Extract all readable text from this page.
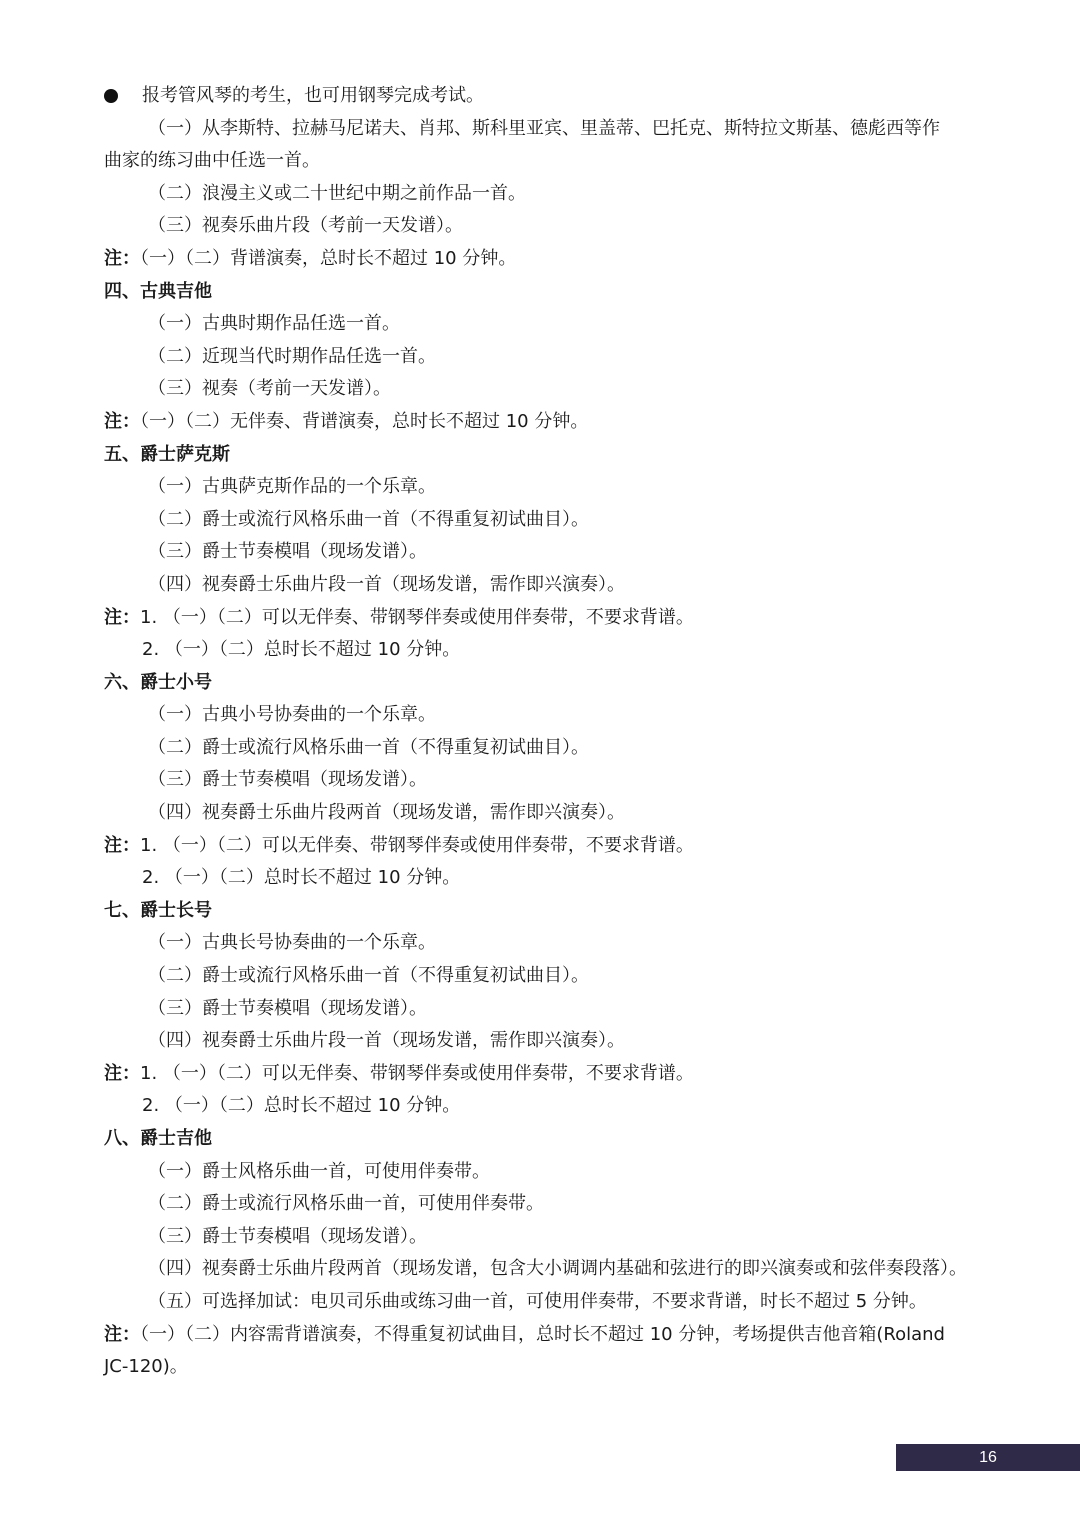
报考管风琴的考生，也可用钢琴完成考试。
（一）从李斯特、拉赫马尼诺夫、肖邦、斯科里亚宾、里盖蒂、巴托克、斯特拉文斯基、德彪西等作
曲家的练习曲中任选一首。
（二）浪漫主义或二十世纪中期之前作品一首。
（三）视奏乐曲片段（考前一天发谱）。
注：（一）（二）背谱演奏，总时长不超过 10 分钟。
四、古典吉他
（一）古典时期作品任选一首。
（二）近现当代时期作品任选一首。
（三）视奏（考前一天发谱）。
注：（一）（二）无伴奏、背谱演奏，总时长不超过 10 分钟。
五、爵士萨克斯
（一）古典萨克斯作品的一个乐章。
（二）爵士或流行风格乐曲一首（不得重复初试曲目）。
（三）爵士节奏模唱（现场发谱）。
（四）视奏爵士乐曲片段一首（现场发谱，需作即兴演奏）。
注：1. （一）（二）可以无伴奏、带钢琴伴奏或使用伴奏带，不要求背谱。
2. （一）（二）总时长不超过 10 分钟。
六、爵士小号
（一）古典小号协奏曲的一个乐章。
（二）爵士或流行风格乐曲一首（不得重复初试曲目）。
（三）爵士节奏模唱（现场发谱）。
（四）视奏爵士乐曲片段两首（现场发谱，需作即兴演奏）。
注：1. （一）（二）可以无伴奏、带钢琴伴奏或使用伴奏带，不要求背谱。
2. （一）（二）总时长不超过 10 分钟。
七、爵士长号
（一）古典长号协奏曲的一个乐章。
（二）爵士或流行风格乐曲一首（不得重复初试曲目）。
（三）爵士节奏模唱（现场发谱）。
（四）视奏爵士乐曲片段一首（现场发谱，需作即兴演奏）。
注：1. （一）（二）可以无伴奏、带钢琴伴奏或使用伴奏带，不要求背谱。
2. （一）（二）总时长不超过 10 分钟。
八、爵士吉他
（一）爵士风格乐曲一首，可使用伴奏带。
（二）爵士或流行风格乐曲一首，可使用伴奏带。
（三）爵士节奏模唱（现场发谱）。
（四）视奏爵士乐曲片段两首（现场发谱，包含大小调调内基础和弦进行的即兴演奏或和弦伴奏段落）。
（五）可选择加试：电贝司乐曲或练习曲一首，可使用伴奏带，不要求背谱，时长不超过 5 分钟。
注：（一）（二）内容需背谱演奏，不得重复初试曲目，总时长不超过 10 分钟，考场提供吉他音箱(Roland
JC-120)。
16
